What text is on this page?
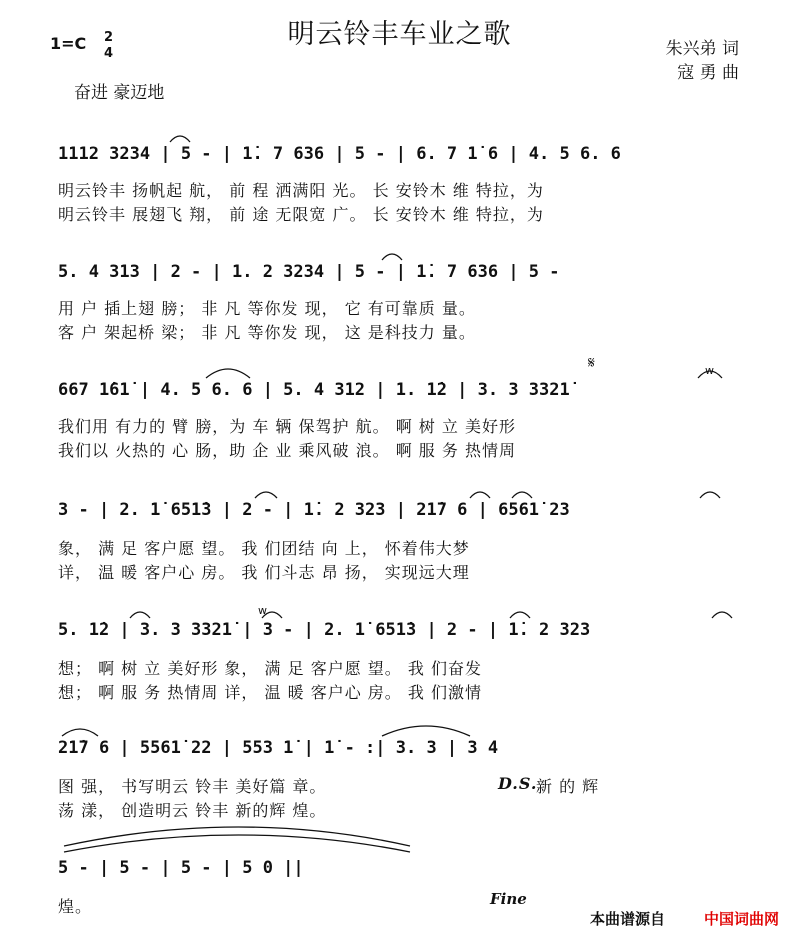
明云铃丰车业之歌
1=C 2
4	朱兴弟 词
寇 勇 曲
奋进 豪迈地
1112 3234 | 5 - | 1̇. 7 636 | 5 - | 6. 7 1̇ 6 | 4. 5 6. 6
明云铃丰 扬帆起 航， 前 程 洒满阳 光。 长 安铃木 维 特拉，为
明云铃丰 展翅飞 翔， 前 途 无限宽 广。 长 安铃木 维 特拉，为
5. 4 313 | 2 - | 1. 2 3234 | 5 - | 1̇. 7 636 | 5 -
用 户 插上翅 膀； 非 凡 等你发 现， 它 有可靠质 量。
客 户 架起桥 梁； 非 凡 等你发 现， 这 是科技力 量。
667 1̇61̇ | 4. 5 6. 6 | 5. 4 312 | 1. 1̇2 | 3. 3 3321̇
我们用 有力的 臂 膀，为 车 辆 保驾护 航。 啊 树 立 美好形
我们以 火热的 心 肠，助 企 业 乘风破 浪。 啊 服 务 热情周
3 - | 2. 1̇ 651̇3 | 2 - | 1̇. 2 323 | 21̇7 6 | 6561̇ 23
象， 满 足 客户愿 望。 我 们团结 向 上， 怀着伟大梦
详， 温 暖 客户心 房。 我 们斗志 昂 扬， 实现远大理
5. 1̇2 | 3. 3 3321̇ | 3 - | 2. 1̇ 651̇3 | 2 - | 1̇. 2 323
想； 啊 树 立 美好形 象， 满 足 客户愿 望。 我 们奋发
想； 啊 服 务 热情周 详， 温 暖 客户心 房。 我 们激情
21̇7 6 | 5561̇ 22 | 553 1̇ | 1̇ - :| 3. 3 | 3 4
图 强， 书写明云 铃丰 美好篇 章。
荡 漾， 创造明云 铃丰 新的辉 煌。
D.S.
新 的 辉
5 - | 5 - | 5 - | 5 0 ||
煌。	Fine
𝄋	w
w
本曲谱源自	中国词曲网
